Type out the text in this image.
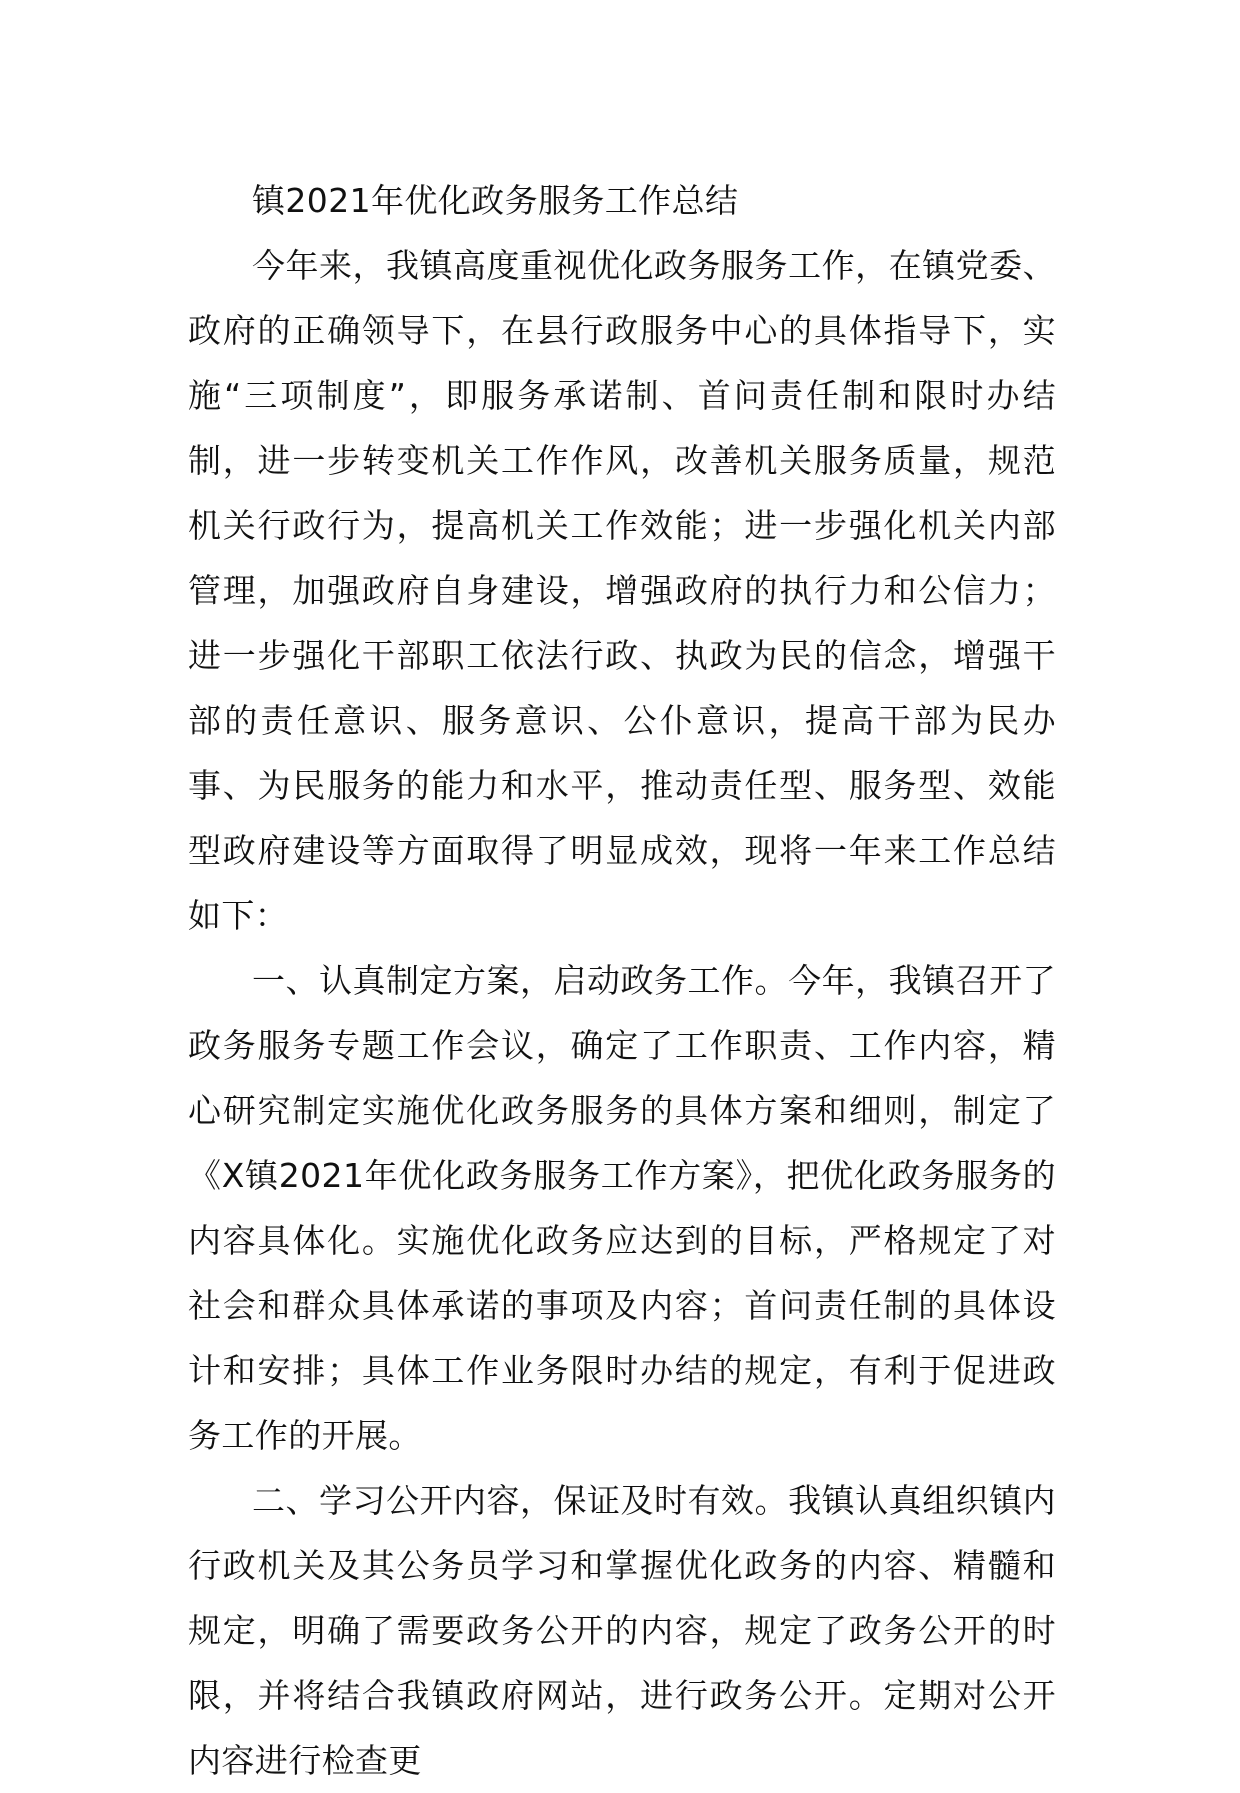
镇2021年优化政务服务工作总结

今年来，我镇高度重视优化政务服务工作，在镇党委、政府的正确领导下，在县行政服务中心的具体指导下，实施“三项制度”，即服务承诺制、首问责任制和限时办结制，进一步转变机关工作作风，改善机关服务质量，规范机关行政行为，提高机关工作效能；进一步强化机关内部管理，加强政府自身建设，增强政府的执行力和公信力；进一步强化干部职工依法行政、执政为民的信念，增强干部的责任意识、服务意识、公仆意识，提高干部为民办事、为民服务的能力和水平，推动责任型、服务型、效能型政府建设等方面取得了明显成效，现将一年来工作总结如下：

一、认真制定方案，启动政务工作。今年，我镇召开了政务服务专题工作会议，确定了工作职责、工作内容，精心研究制定实施优化政务服务的具体方案和细则，制定了《X镇2021年优化政务服务工作方案》，把优化政务服务的内容具体化。实施优化政务应达到的目标，严格规定了对社会和群众具体承诺的事项及内容；首问责任制的具体设计和安排；具体工作业务限时办结的规定，有利于促进政务工作的开展。

二、学习公开内容，保证及时有效。我镇认真组织镇内行政机关及其公务员学习和掌握优化政务的内容、精髓和规定，明确了需要政务公开的内容，规定了政务公开的时限，并将结合我镇政府网站，进行政务公开。定期对公开内容进行检查更
